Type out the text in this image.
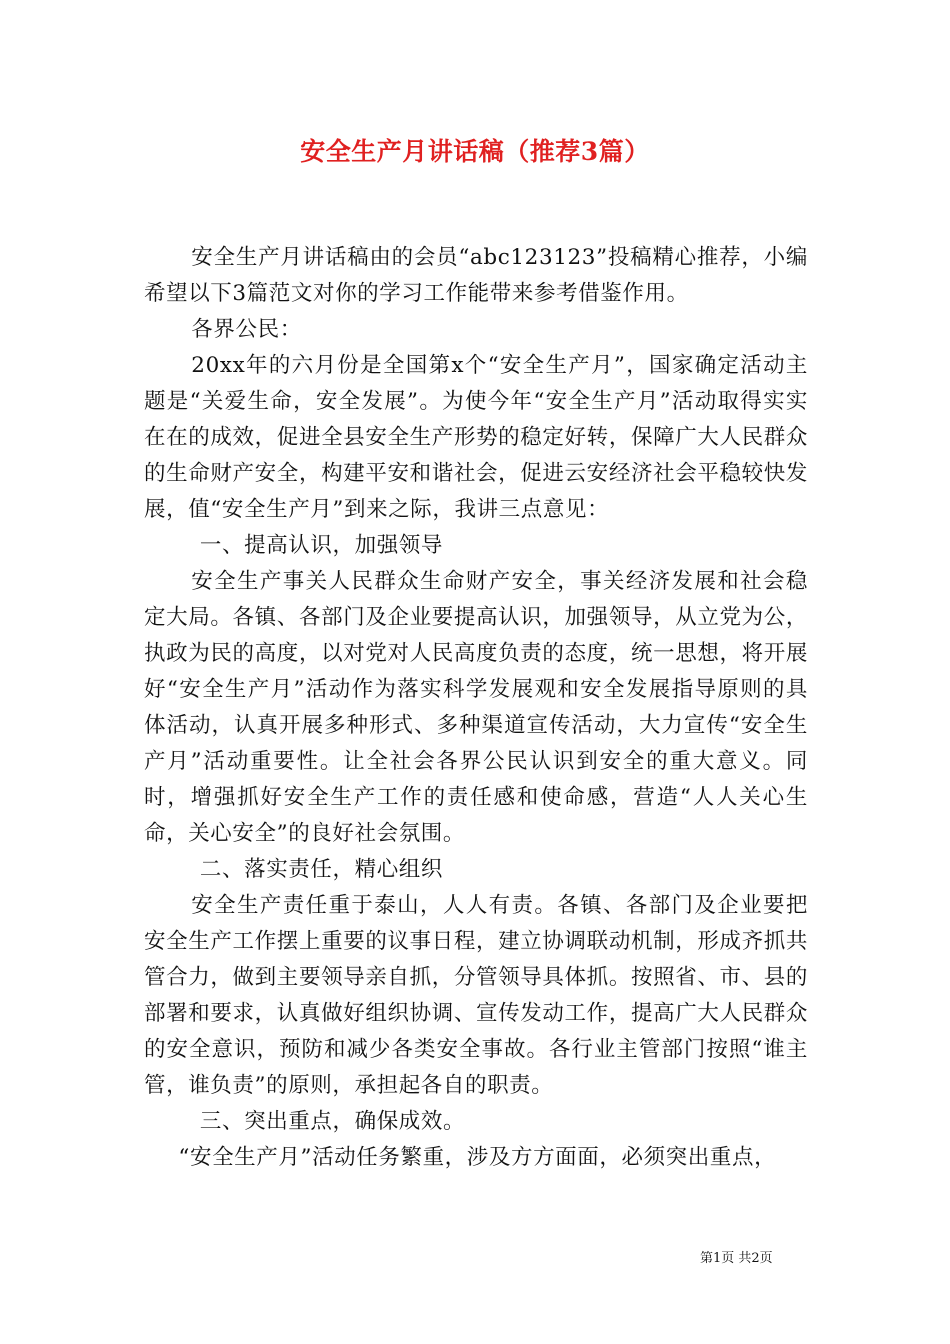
安全生产月讲话稿（推荐3篇）

安全生产月讲话稿由的会员“abc123123”投稿精心推荐，小编希望以下3篇范文对你的学习工作能带来参考借鉴作用。

各界公民：

20xx年的六月份是全国第x个“安全生产月”，国家确定活动主题是“关爱生命，安全发展”。为使今年“安全生产月”活动取得实实在在的成效，促进全县安全生产形势的稳定好转，保障广大人民群众的生命财产安全，构建平安和谐社会，促进云安经济社会平稳较快发展，值“安全生产月”到来之际，我讲三点意见：

一、提高认识，加强领导

安全生产事关人民群众生命财产安全，事关经济发展和社会稳定大局。各镇、各部门及企业要提高认识，加强领导，从立党为公，执政为民的高度，以对党对人民高度负责的态度，统一思想，将开展好“安全生产月”活动作为落实科学发展观和安全发展指导原则的具体活动，认真开展多种形式、多种渠道宣传活动，大力宣传“安全生产月”活动重要性。让全社会各界公民认识到安全的重大意义。同时，增强抓好安全生产工作的责任感和使命感，营造“人人关心生命，关心安全”的良好社会氛围。

二、落实责任，精心组织

安全生产责任重于泰山，人人有责。各镇、各部门及企业要把安全生产工作摆上重要的议事日程，建立协调联动机制，形成齐抓共管合力，做到主要领导亲自抓，分管领导具体抓。按照省、市、县的部署和要求，认真做好组织协调、宣传发动工作，提高广大人民群众的安全意识，预防和减少各类安全事故。各行业主管部门按照“谁主管，谁负责”的原则，承担起各自的职责。

三、突出重点，确保成效。

“安全生产月”活动任务繁重，涉及方方面面，必须突出重点，

第1页 共2页
